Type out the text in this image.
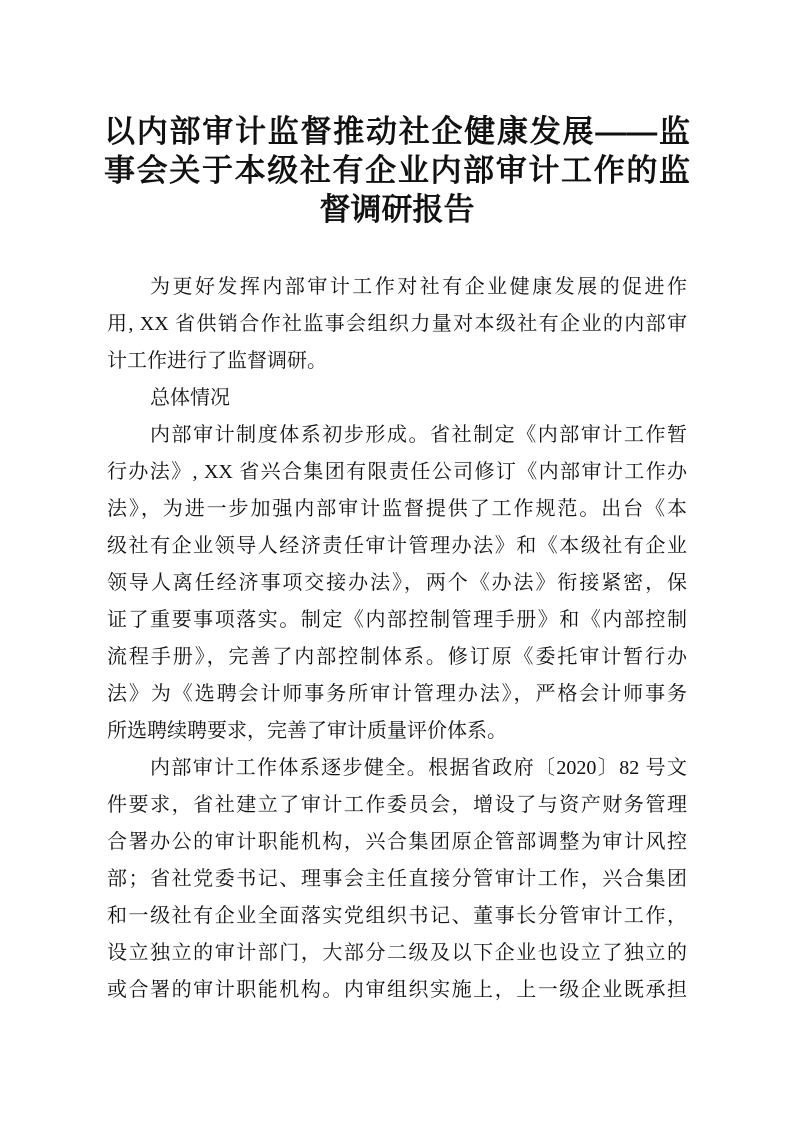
以内部审计监督推动社企健康发展——监
事会关于本级社有企业内部审计工作的监
督调研报告
为更好发挥内部审计工作对社有企业健康发展的促进作
用, XX 省供销合作社监事会组织力量对本级社有企业的内部审
计工作进行了监督调研。
总体情况
内部审计制度体系初步形成。省社制定《内部审计工作暂
行办法》, XX 省兴合集团有限责任公司修订《内部审计工作办
法》，为进一步加强内部审计监督提供了工作规范。出台《本
级社有企业领导人经济责任审计管理办法》和《本级社有企业
领导人离任经济事项交接办法》，两个《办法》衔接紧密，保
证了重要事项落实。制定《内部控制管理手册》和《内部控制
流程手册》，完善了内部控制体系。修订原《委托审计暂行办
法》为《选聘会计师事务所审计管理办法》，严格会计师事务
所选聘续聘要求，完善了审计质量评价体系。
内部审计工作体系逐步健全。根据省政府〔2020〕82 号文
件要求，省社建立了审计工作委员会，增设了与资产财务管理
合署办公的审计职能机构，兴合集团原企管部调整为审计风控
部；省社党委书记、理事会主任直接分管审计工作，兴合集团
和一级社有企业全面落实党组织书记、董事长分管审计工作，
设立独立的审计部门，大部分二级及以下企业也设立了独立的
或合署的审计职能机构。内审组织实施上，上一级企业既承担
